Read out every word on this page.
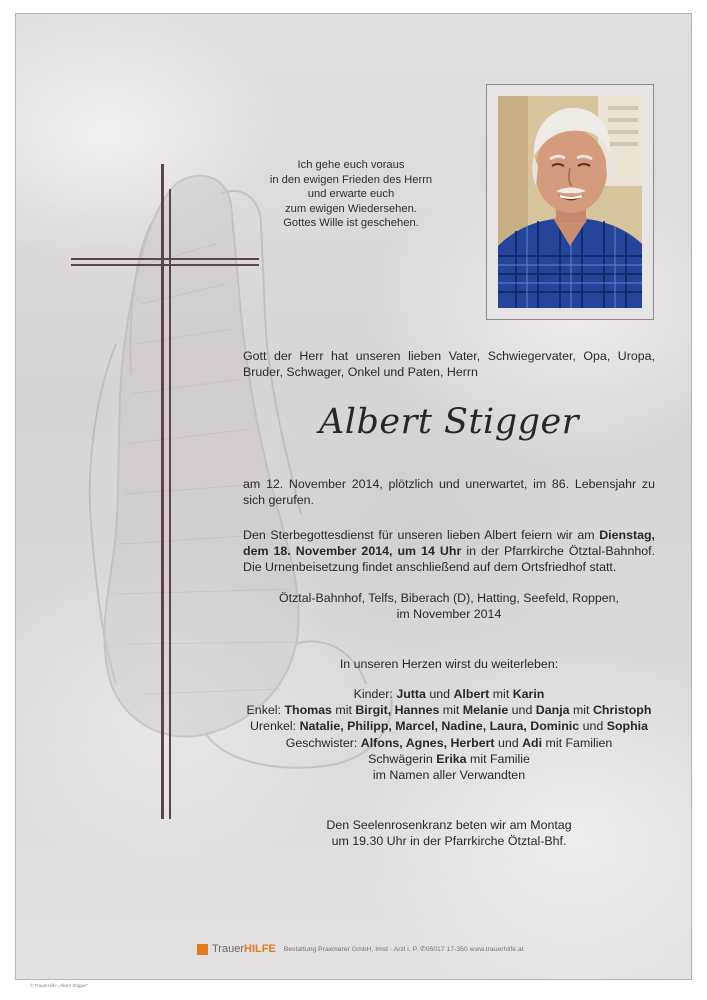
Ich gehe euch voraus
in den ewigen Frieden des Herrn
und erwarte euch
zum ewigen Wiedersehen.
Gottes Wille ist geschehen.
Gott der Herr hat unseren lieben Vater, Schwiegervater, Opa, Uropa, Bruder, Schwager, Onkel und Paten, Herrn
Albert Stigger
am 12. November 2014, plötzlich und unerwartet, im 86. Lebensjahr zu sich gerufen.
Den Sterbegottesdienst für unseren lieben Albert feiern wir am Dienstag, dem 18. November 2014, um 14 Uhr in der Pfarrkirche Ötztal-Bahnhof. Die Urnenbeisetzung findet anschließend auf dem Ortsfriedhof statt.
Ötztal-Bahnhof, Telfs, Biberach (D), Hatting, Seefeld, Roppen,
im November 2014
In unseren Herzen wirst du weiterleben:
Kinder: Jutta und Albert mit Karin
Enkel: Thomas mit Birgit, Hannes mit Melanie und Danja mit Christoph
Urenkel: Natalie, Philipp, Marcel, Nadine, Laura, Dominic und Sophia
Geschwister: Alfons, Agnes, Herbert und Adi mit Familien
Schwägerin Erika mit Familie
im Namen aller Verwandten
Den Seelenrosenkranz beten wir am Montag
um 19.30 Uhr in der Pfarrkirche Ötztal-Bhf.
TrauerHILFE Bestattung Praxmarer GmbH, Imst · Arzl i. P. ✆05017 17-350 www.trauerhilfe.at
© TrauerHilfe „Albert Stigger“
